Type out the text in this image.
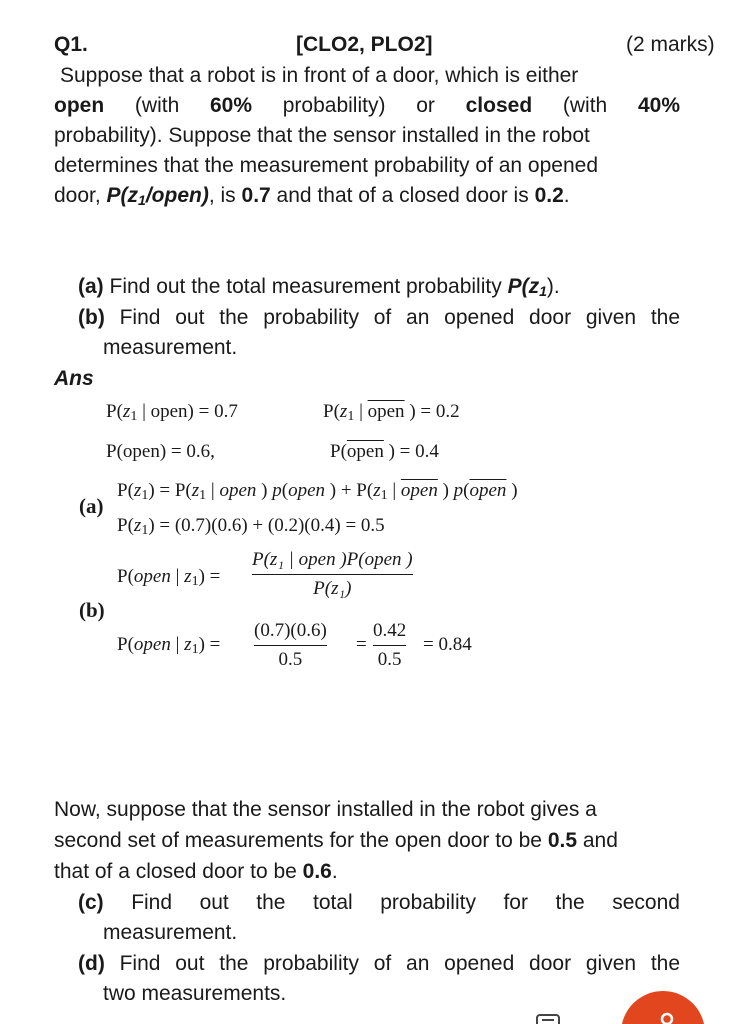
Q1.	[CLO2, PLO2]	(2 marks)
Suppose that a robot is in front of a door, which is either
open (with 60% probability) or closed (with 40%
probability). Suppose that the sensor installed in the robot
determines that the measurement probability of an opened
door, $P(z_1/open)$, is 0.7 and that of a closed door is 0.2.
(a) Find out the total measurement probability $P(z_1)$.
(b) Find out the probability of an opened door given the
measurement.
Ans
$P(z_1$ | open) = 0.7	$P(z_1$ | open ) = 0.2
P(open) = 0.6,	P(open ) = 0.4
(a)
$P(z_1) = P(z_1$ | open ) p(open ) + $P(z_1$ | open ) p(open )
$P(z_1) = (0.7)(0.6) + (0.2)(0.4) = 0.5$
(b)
P(open | $z_1$) =
P(z₁ | open )P(open )
P(z₁)
P(open | $z_1) = \frac{(0.7)(0.6)}{0.5} = \frac{0.42}{0.5} = 0.84$
Now, suppose that the sensor installed in the robot gives a
second set of measurements for the open door to be 0.5 and
that of a closed door to be 0.6.
(c) Find out the total probability for the second
measurement.
(d) Find out the probability of an opened door given the
two measurements.
